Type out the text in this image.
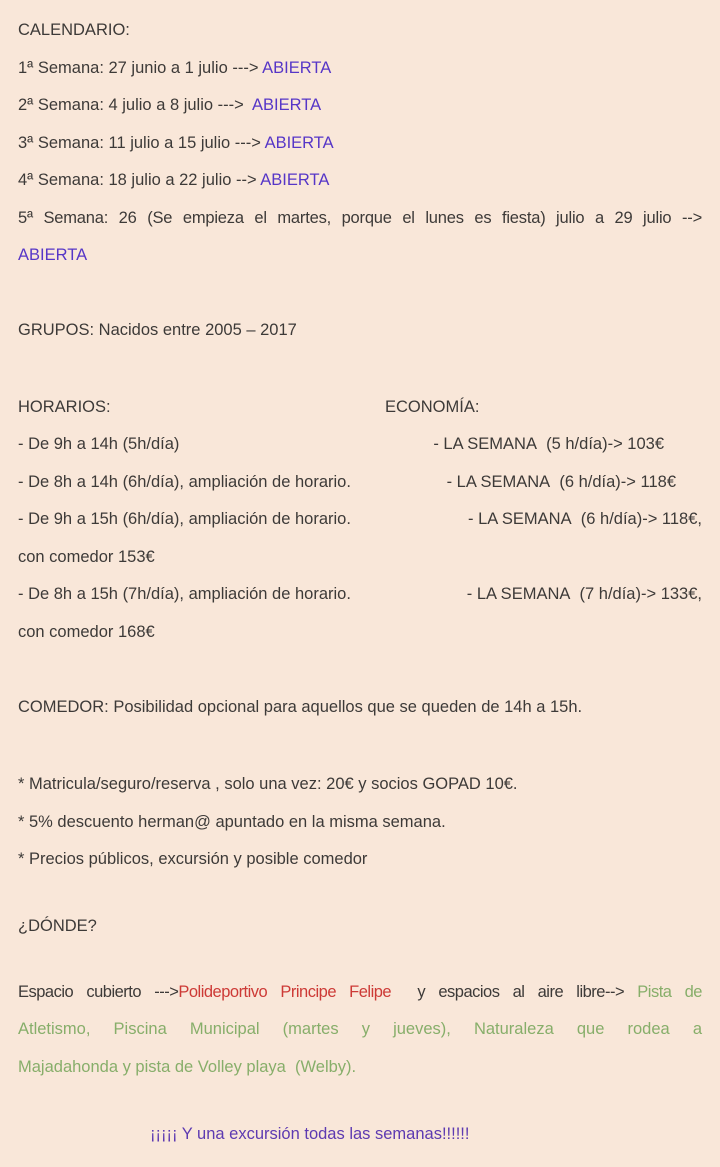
CALENDARIO:

1ª Semana: 27 junio a 1 julio ---> ABIERTA

2ª Semana: 4 julio a 8 julio --->  ABIERTA

3ª Semana: 11 julio a 15 julio ---> ABIERTA

4ª Semana: 18 julio a 22 julio --> ABIERTA

5ª Semana: 26 (Se empieza el martes, porque el lunes es fiesta) julio a 29 julio -->

ABIERTA

GRUPOS: Nacidos entre 2005 – 2017

HORARIOS:	ECONOMÍA:
- De 9h a 14h (5h/día)	- LA SEMANA  (5 h/día)-> 103€
- De 8h a 14h (6h/día), ampliación de horario.	- LA SEMANA  (6 h/día)-> 118€
- De 9h a 15h (6h/día), ampliación de horario.	- LA SEMANA  (6 h/día)-> 118€,

con comedor 153€

- De 8h a 15h (7h/día), ampliación de horario.	- LA SEMANA  (7 h/día)-> 133€,

con comedor 168€

COMEDOR: Posibilidad opcional para aquellos que se queden de 14h a 15h.

* Matricula/seguro/reserva , solo una vez: 20€ y socios GOPAD 10€.

* 5% descuento herman@ apuntado en la misma semana.

* Precios públicos, excursión y posible comedor

¿DÓNDE?

Espacio cubierto --->Polideportivo Principe Felipe  y espacios al aire libre--> Pista de

Atletismo, Piscina Municipal (martes y jueves), Naturaleza que rodea a

Majadahonda y pista de Volley playa  (Welby).

¡¡¡¡¡ Y una excursión todas las semanas!!!!!!
